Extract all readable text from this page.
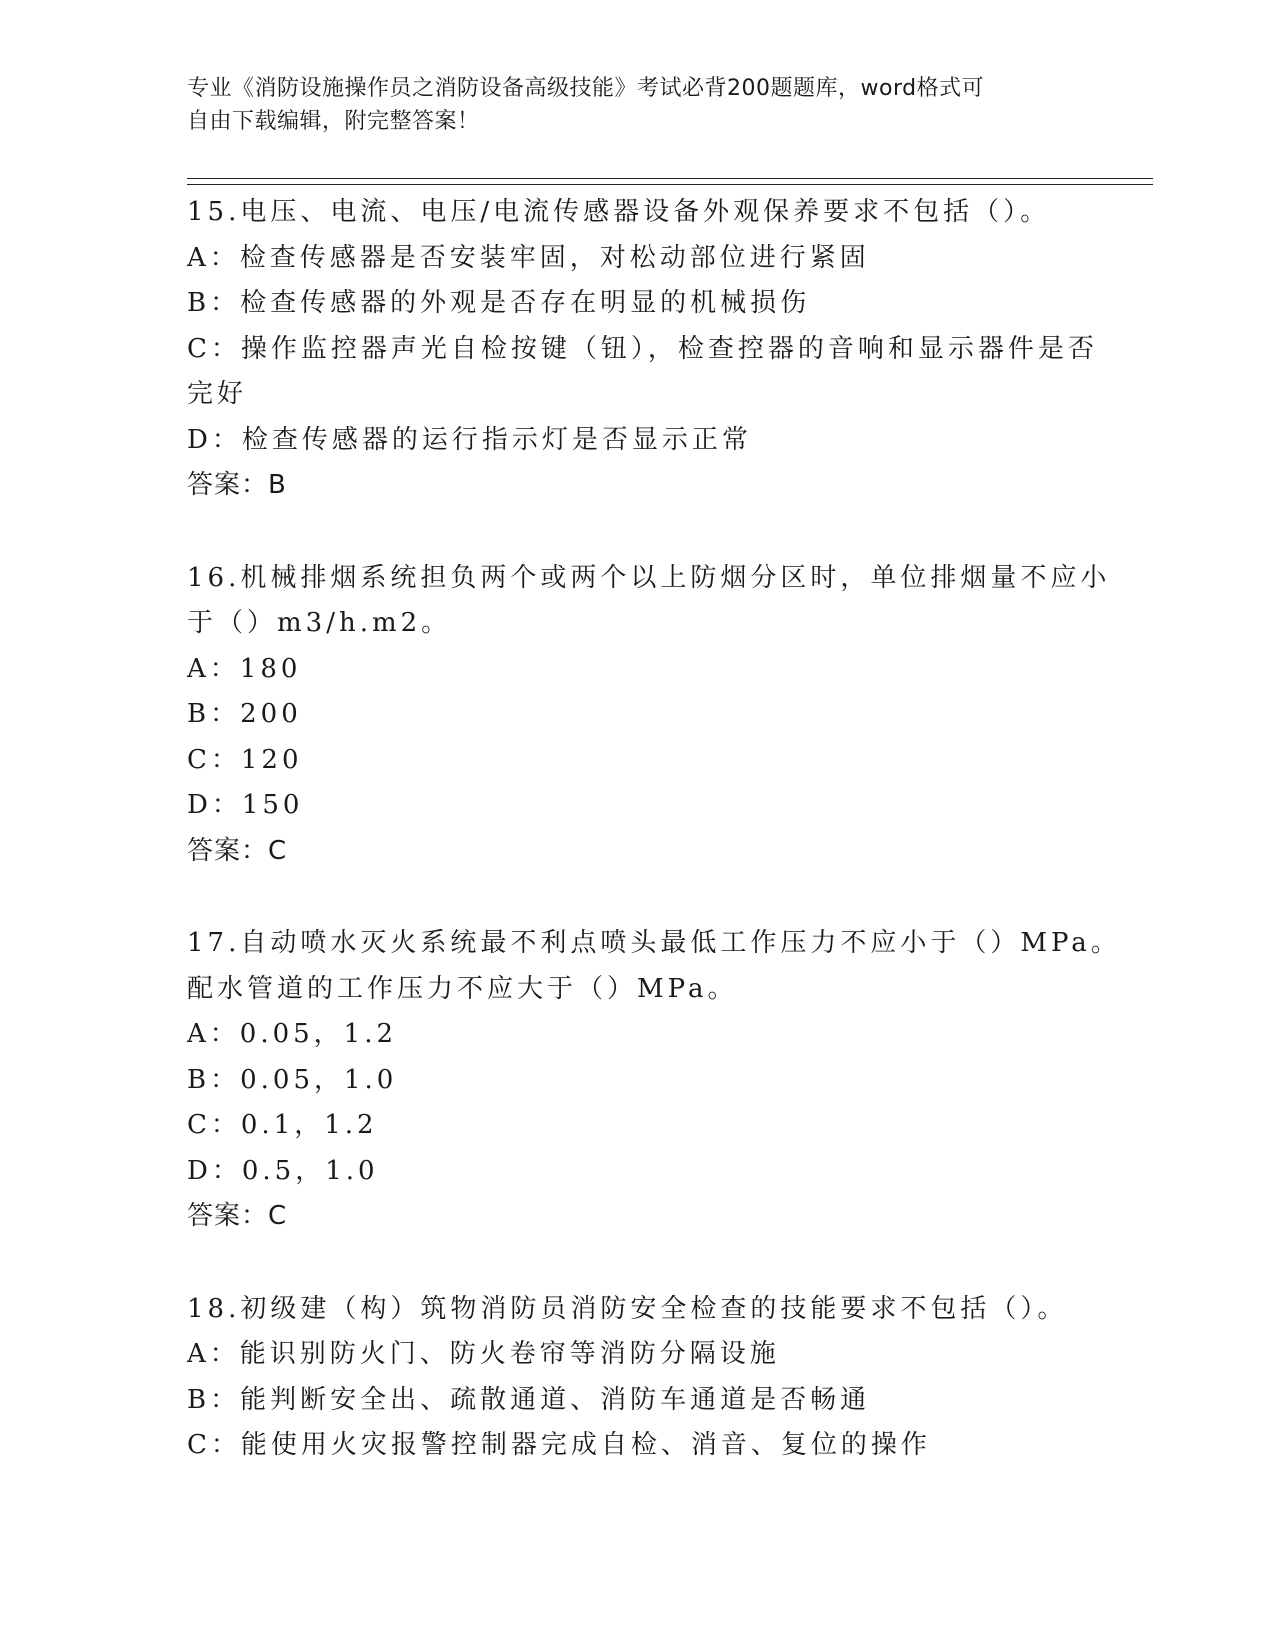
专业《消防设施操作员之消防设备高级技能》考试必背200题题库，word格式可
自由下载编辑，附完整答案！
15.电压、电流、电压/电流传感器设备外观保养要求不包括（）。
A：检查传感器是否安装牢固，对松动部位进行紧固
B：检查传感器的外观是否存在明显的机械损伤
C：操作监控器声光自检按键（钮），检查控器的音响和显示器件是否
完好
D：检查传感器的运行指示灯是否显示正常
答案：B
16.机械排烟系统担负两个或两个以上防烟分区时，单位排烟量不应小
于（）m3/h.m2。
A：180
B：200
C：120
D：150
答案：C
17.自动喷水灭火系统最不利点喷头最低工作压力不应小于（）MPa。
配水管道的工作压力不应大于（）MPa。
A：0.05，1.2
B：0.05，1.0
C：0.1，1.2
D：0.5，1.0
答案：C
18.初级建（构）筑物消防员消防安全检查的技能要求不包括（）。
A：能识别防火门、防火卷帘等消防分隔设施
B：能判断安全出、疏散通道、消防车通道是否畅通
C：能使用火灾报警控制器完成自检、消音、复位的操作
